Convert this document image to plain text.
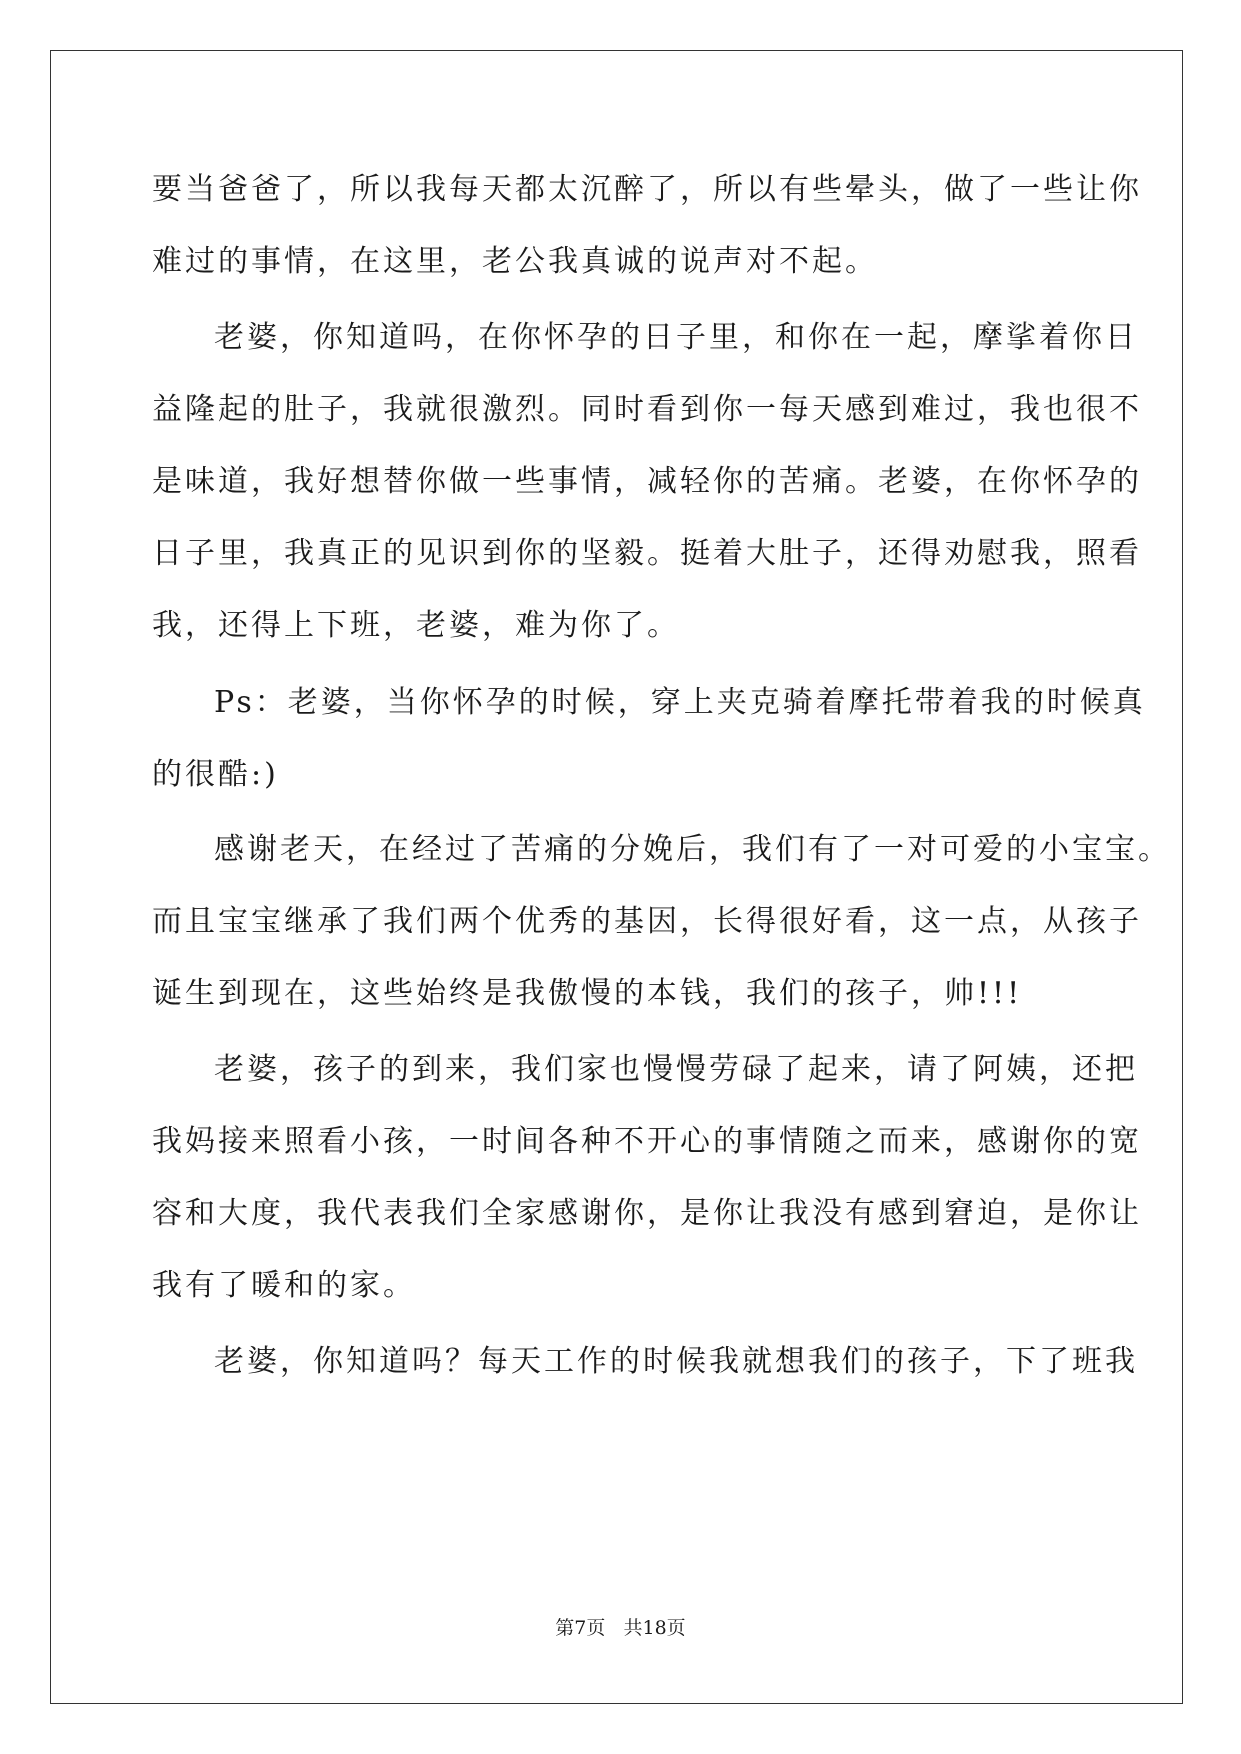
要当爸爸了，所以我每天都太沉醉了，所以有些晕头，做了一些让你
难过的事情，在这里，老公我真诚的说声对不起。
老婆，你知道吗，在你怀孕的日子里，和你在一起，摩挲着你日
益隆起的肚子，我就很激烈。同时看到你一每天感到难过，我也很不
是味道，我好想替你做一些事情，减轻你的苦痛。老婆，在你怀孕的
日子里，我真正的见识到你的坚毅。挺着大肚子，还得劝慰我，照看
我，还得上下班，老婆，难为你了。
Ps：老婆，当你怀孕的时候，穿上夹克骑着摩托带着我的时候真
的很酷:)
感谢老天，在经过了苦痛的分娩后，我们有了一对可爱的小宝宝。
而且宝宝继承了我们两个优秀的基因，长得很好看，这一点，从孩子
诞生到现在，这些始终是我傲慢的本钱，我们的孩子，帅!!!
老婆，孩子的到来，我们家也慢慢劳碌了起来，请了阿姨，还把
我妈接来照看小孩，一时间各种不开心的事情随之而来，感谢你的宽
容和大度，我代表我们全家感谢你，是你让我没有感到窘迫，是你让
我有了暖和的家。
老婆，你知道吗？每天工作的时候我就想我们的孩子，下了班我
第7页   共18页
